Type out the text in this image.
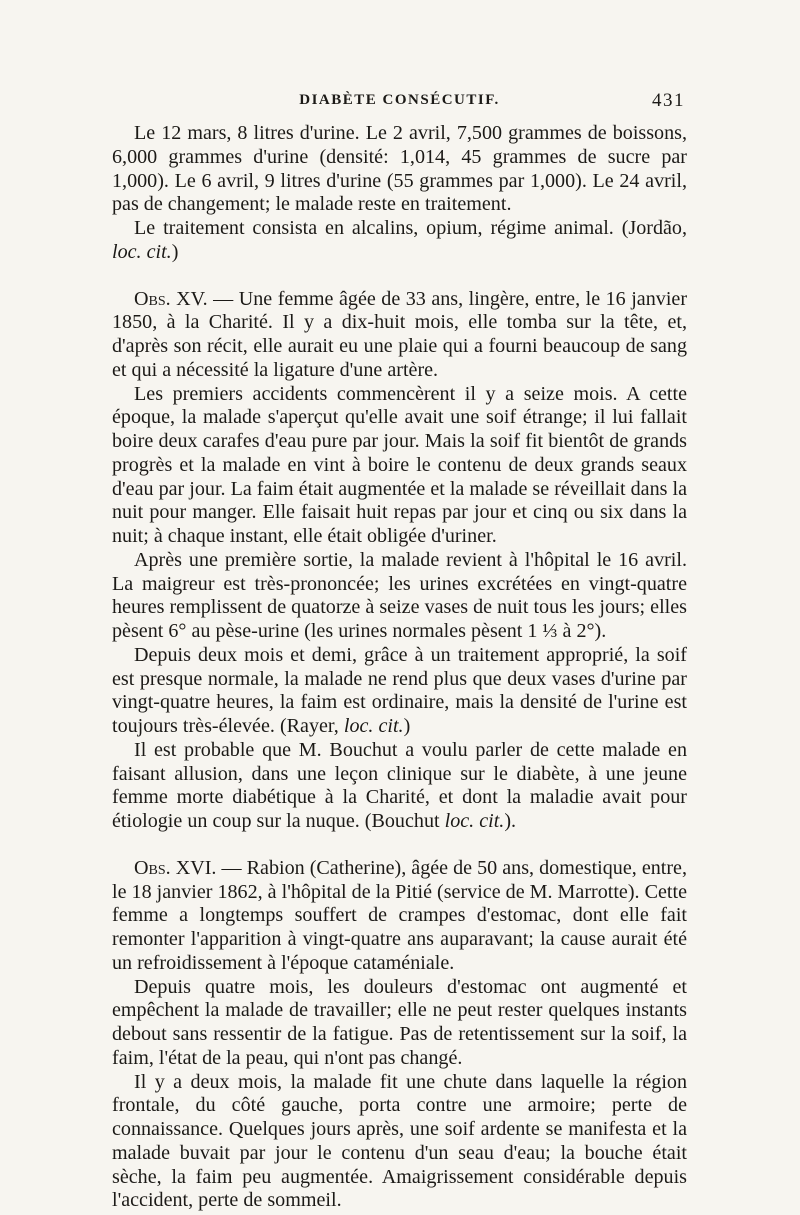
DIABÈTE CONSÉCUTIF.	431

Le 12 mars, 8 litres d'urine. Le 2 avril, 7,500 grammes de boissons, 6,000 grammes d'urine (densité: 1,014, 45 grammes de sucre par 1,000). Le 6 avril, 9 litres d'urine (55 grammes par 1,000). Le 24 avril, pas de changement; le malade reste en traitement.

Le traitement consista en alcalins, opium, régime animal. (Jordão, loc. cit.)

Obs. XV. — Une femme âgée de 33 ans, lingère, entre, le 16 janvier 1850, à la Charité. Il y a dix-huit mois, elle tomba sur la tête, et, d'après son récit, elle aurait eu une plaie qui a fourni beaucoup de sang et qui a nécessité la ligature d'une artère.

Les premiers accidents commencèrent il y a seize mois. A cette époque, la malade s'aperçut qu'elle avait une soif étrange; il lui fallait boire deux carafes d'eau pure par jour. Mais la soif fit bientôt de grands progrès et la malade en vint à boire le contenu de deux grands seaux d'eau par jour. La faim était augmentée et la malade se réveillait dans la nuit pour manger. Elle faisait huit repas par jour et cinq ou six dans la nuit; à chaque instant, elle était obligée d'uriner.

Après une première sortie, la malade revient à l'hôpital le 16 avril. La maigreur est très-prononcée; les urines excrétées en vingt-quatre heures remplissent de quatorze à seize vases de nuit tous les jours; elles pèsent 6° au pèse-urine (les urines normales pèsent 1 ⅓ à 2°).

Depuis deux mois et demi, grâce à un traitement approprié, la soif est presque normale, la malade ne rend plus que deux vases d'urine par vingt-quatre heures, la faim est ordinaire, mais la densité de l'urine est toujours très-élevée. (Rayer, loc. cit.)

Il est probable que M. Bouchut a voulu parler de cette malade en faisant allusion, dans une leçon clinique sur le diabète, à une jeune femme morte diabétique à la Charité, et dont la maladie avait pour étiologie un coup sur la nuque. (Bouchut loc. cit.).

Obs. XVI. — Rabion (Catherine), âgée de 50 ans, domestique, entre, le 18 janvier 1862, à l'hôpital de la Pitié (service de M. Marrotte). Cette femme a longtemps souffert de crampes d'estomac, dont elle fait remonter l'apparition à vingt-quatre ans auparavant; la cause aurait été un refroidissement à l'époque cataméniale.

Depuis quatre mois, les douleurs d'estomac ont augmenté et empêchent la malade de travailler; elle ne peut rester quelques instants debout sans ressentir de la fatigue. Pas de retentissement sur la soif, la faim, l'état de la peau, qui n'ont pas changé.

Il y a deux mois, la malade fit une chute dans laquelle la région frontale, du côté gauche, porta contre une armoire; perte de connaissance. Quelques jours après, une soif ardente se manifesta et la malade buvait par jour le contenu d'un seau d'eau; la bouche était sèche, la faim peu augmentée. Amaigrissement considérable depuis l'accident, perte de sommeil.
